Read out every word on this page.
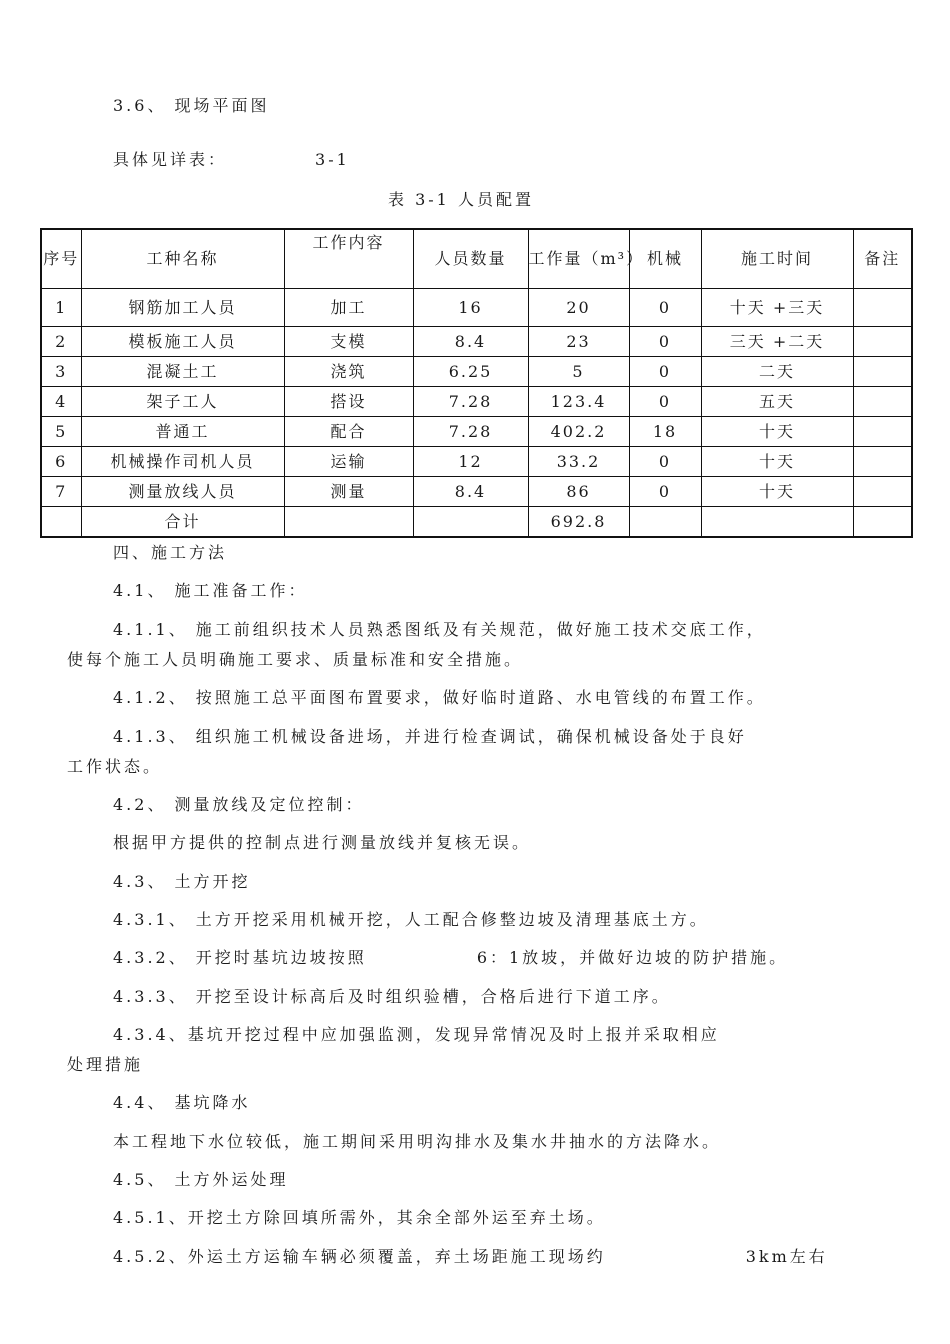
3.6、 现场平面图
具体见详表：	3-1
表 3-1 人员配置
序号	工种名称	工作内容	人员数量	工作量（m³）	机械	施工时间	备注
1	钢筋加工人员	加工	16	20	0	十天 +三天	
2	模板施工人员	支模	8.4	23	0	三天 +二天	
3	混凝土工	浇筑	6.25	5	0	二天	
4	架子工人	搭设	7.28	123.4	0	五天	
5	普通工	配合	7.28	402.2	18	十天	
6	机械操作司机人员	运输	12	33.2	0	十天	
7	测量放线人员	测量	8.4	86	0	十天	
	合计			692.8			
四、施工方法
4.1、 施工准备工作：
4.1.1、 施工前组织技术人员熟悉图纸及有关规范，做好施工技术交底工作，
使每个施工人员明确施工要求、质量标准和安全措施。
4.1.2、 按照施工总平面图布置要求，做好临时道路、水电管线的布置工作。
4.1.3、 组织施工机械设备进场，并进行检查调试，确保机械设备处于良好
工作状态。
4.2、 测量放线及定位控制：
根据甲方提供的控制点进行测量放线并复核无误。
4.3、 土方开挖
4.3.1、 土方开挖采用机械开挖，人工配合修整边坡及清理基底土方。
4.3.2、 开挖时基坑边坡按照	6：1放坡，并做好边坡的防护措施。
4.3.3、 开挖至设计标高后及时组织验槽，合格后进行下道工序。
4.3.4、基坑开挖过程中应加强监测，发现异常情况及时上报并采取相应
处理措施
4.4、 基坑降水
本工程地下水位较低，施工期间采用明沟排水及集水井抽水的方法降水。
4.5、 土方外运处理
4.5.1、开挖土方除回填所需外，其余全部外运至弃土场。
4.5.2、外运土方运输车辆必须覆盖，弃土场距施工现场约	3km左右
